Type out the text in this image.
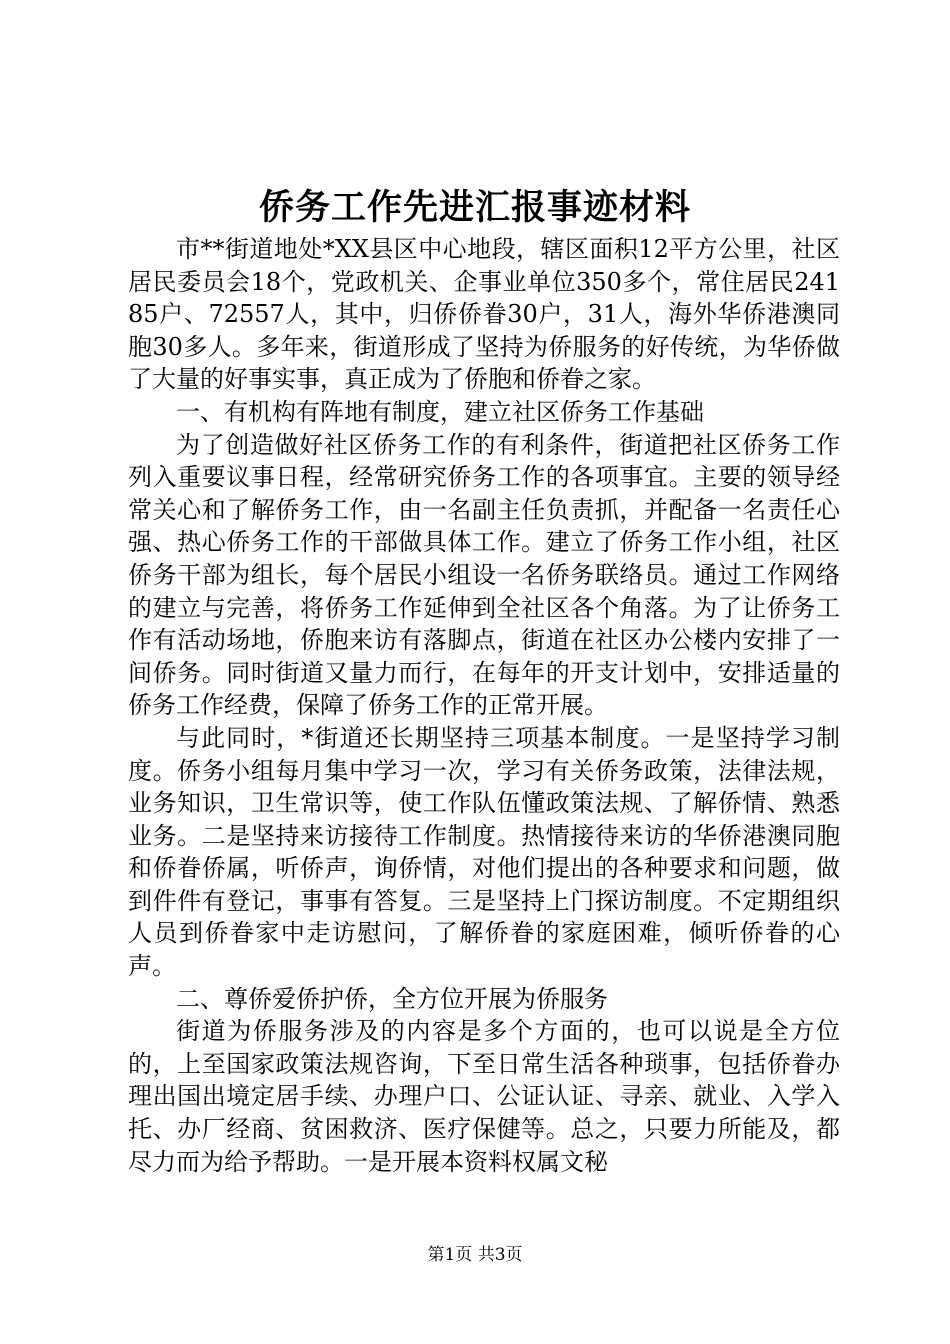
侨务工作先进汇报事迹材料

市**街道地处*XX县区中心地段，辖区面积12平方公里，社区居民委员会18个，党政机关、企事业单位350多个，常住居民24185户、72557人，其中，归侨侨眷30户，31人，海外华侨港澳同胞30多人。多年来，街道形成了坚持为侨服务的好传统，为华侨做了大量的好事实事，真正成为了侨胞和侨眷之家。

一、有机构有阵地有制度，建立社区侨务工作基础

为了创造做好社区侨务工作的有利条件，街道把社区侨务工作列入重要议事日程，经常研究侨务工作的各项事宜。主要的领导经常关心和了解侨务工作，由一名副主任负责抓，并配备一名责任心强、热心侨务工作的干部做具体工作。建立了侨务工作小组，社区侨务干部为组长，每个居民小组设一名侨务联络员。通过工作网络的建立与完善，将侨务工作延伸到全社区各个角落。为了让侨务工作有活动场地，侨胞来访有落脚点，街道在社区办公楼内安排了一间侨务。同时街道又量力而行，在每年的开支计划中，安排适量的侨务工作经费，保障了侨务工作的正常开展。

与此同时，*街道还长期坚持三项基本制度。一是坚持学习制度。侨务小组每月集中学习一次，学习有关侨务政策，法律法规，业务知识，卫生常识等，使工作队伍懂政策法规、了解侨情、熟悉业务。二是坚持来访接待工作制度。热情接待来访的华侨港澳同胞和侨眷侨属，听侨声，询侨情，对他们提出的各种要求和问题，做到件件有登记，事事有答复。三是坚持上门探访制度。不定期组织人员到侨眷家中走访慰问，了解侨眷的家庭困难，倾听侨眷的心声。

二、尊侨爱侨护侨，全方位开展为侨服务

街道为侨服务涉及的内容是多个方面的，也可以说是全方位的，上至国家政策法规咨询，下至日常生活各种琐事，包括侨眷办理出国出境定居手续、办理户口、公证认证、寻亲、就业、入学入托、办厂经商、贫困救济、医疗保健等。总之，只要力所能及，都尽力而为给予帮助。一是开展本资料权属文秘

第1页 共3页
